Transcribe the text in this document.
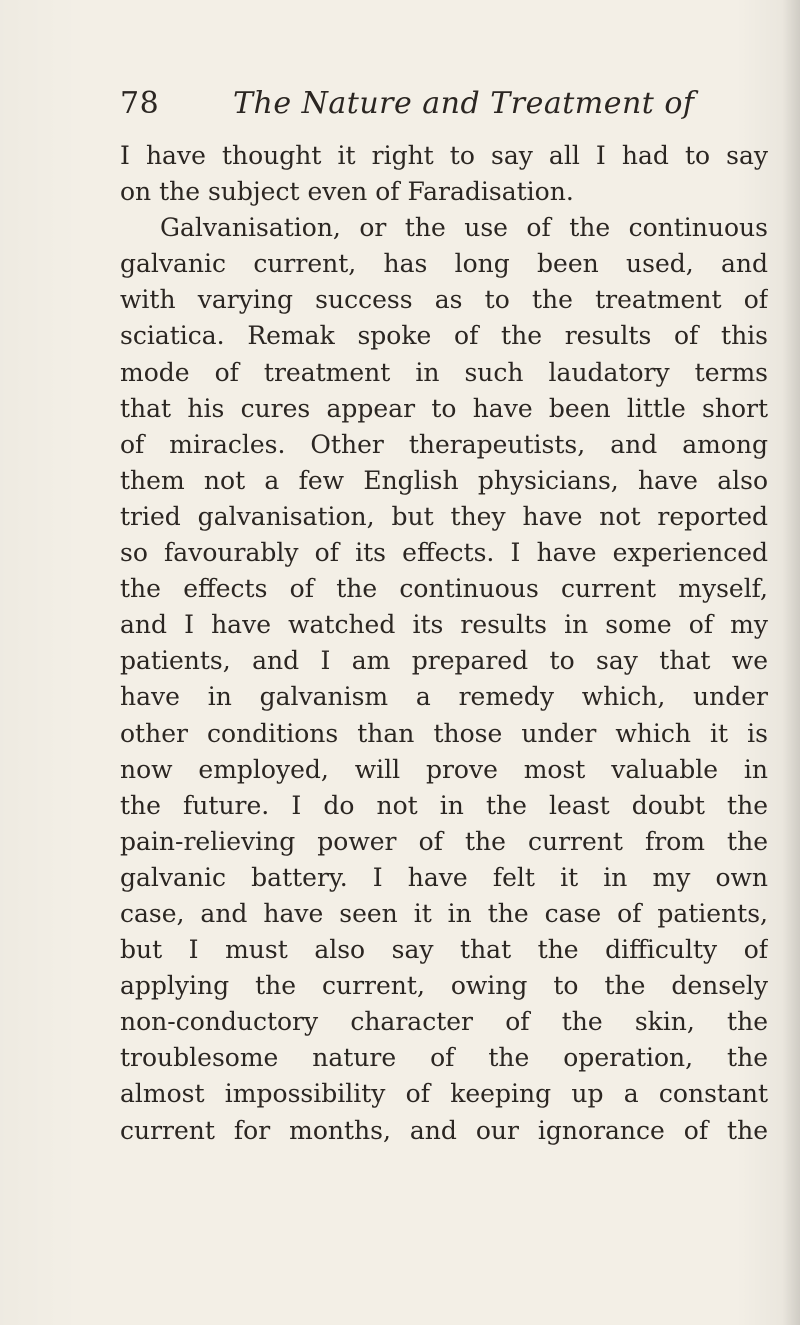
78 The Nature and Treatment of
I have thought it right to say all I had to say
on the subject even of Faradisation.
Galvanisation, or the use of the continuous
galvanic current, has long been used, and
with varying success as to the treatment of
sciatica. Remak spoke of the results of this
mode of treatment in such laudatory terms
that his cures appear to have been little short
of miracles. Other therapeutists, and among
them not a few English physicians, have also
tried galvanisation, but they have not reported
so favourably of its effects. I have experienced
the effects of the continuous current myself,
and I have watched its results in some of my
patients, and I am prepared to say that we
have in galvanism a remedy which, under
other conditions than those under which it is
now employed, will prove most valuable in
the future. I do not in the least doubt the
pain-relieving power of the current from the
galvanic battery. I have felt it in my own
case, and have seen it in the case of patients,
but I must also say that the difficulty of
applying the current, owing to the densely
non-conductory character of the skin, the
troublesome nature of the operation, the
almost impossibility of keeping up a constant
current for months, and our ignorance of the
